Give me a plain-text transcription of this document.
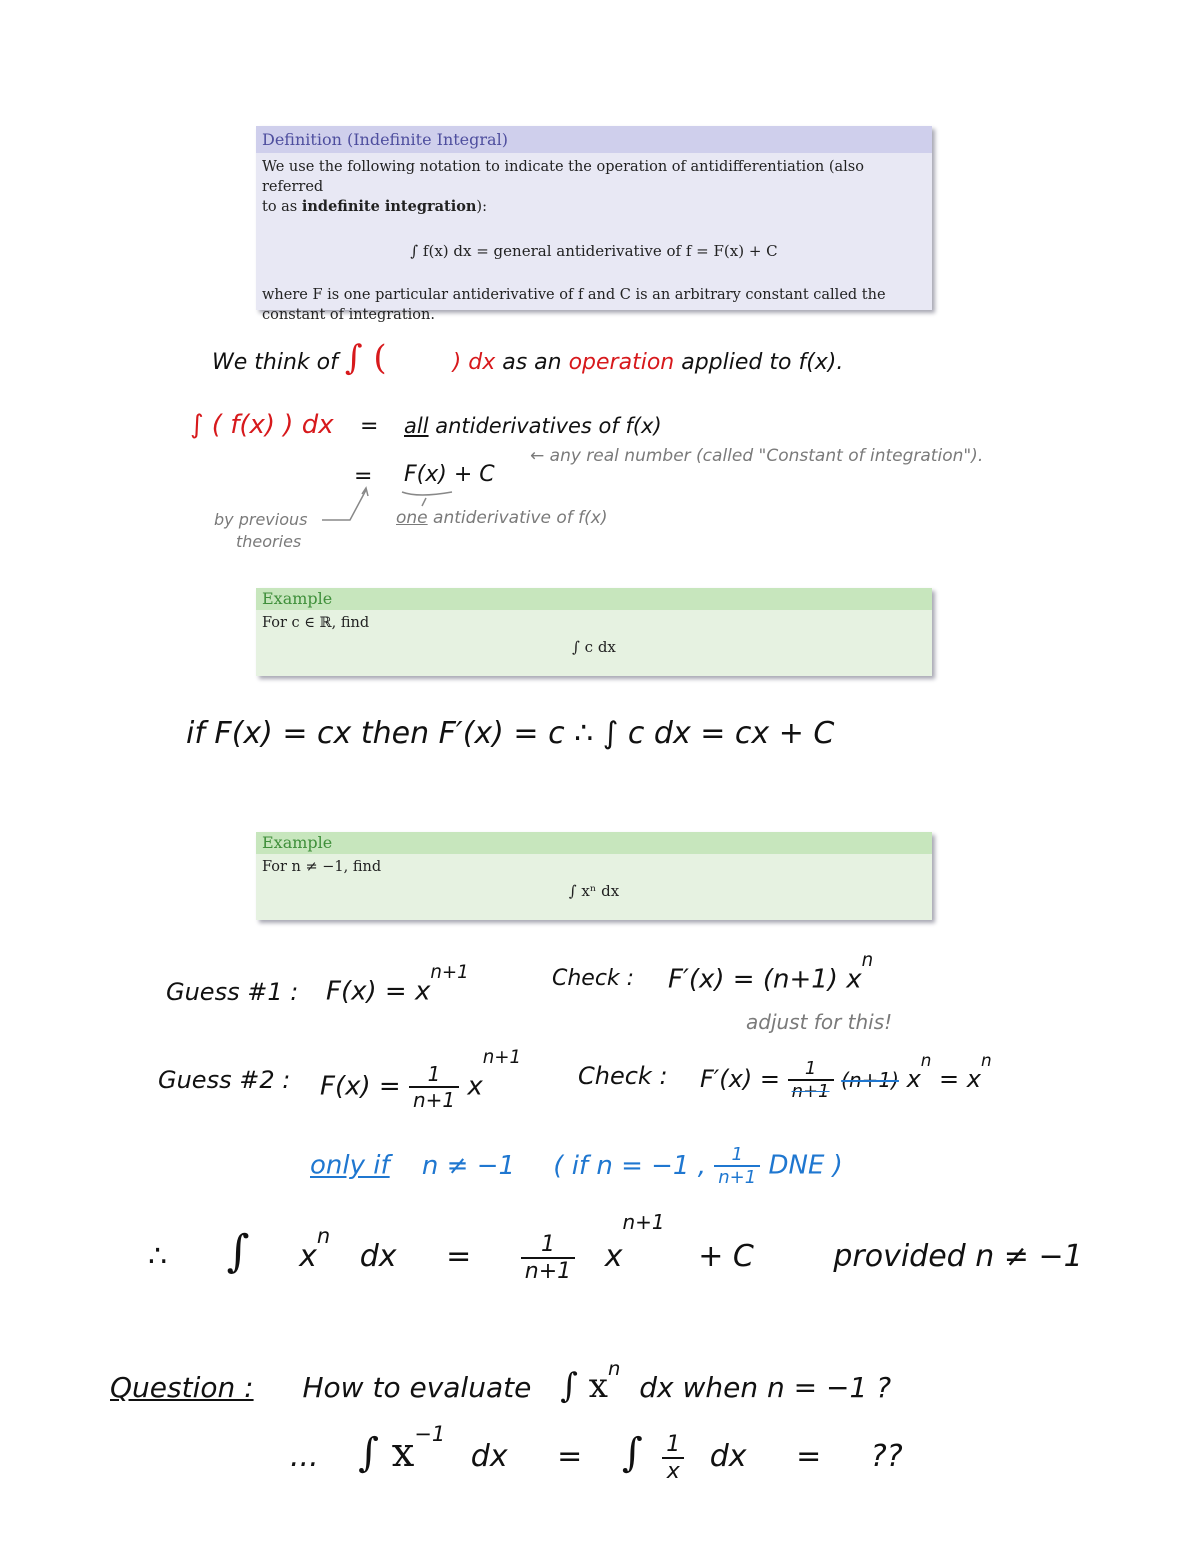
Definition (Indefinite Integral)
We use the following notation to indicate the operation of antidifferentiation (also referred
to as indefinite integration):
∫ f(x) dx = general antiderivative of f = F(x) + C
where F is one particular antiderivative of f and C is an arbitrary constant called the
constant of integration.
We think of ∫ (	) dx as an operation applied to f(x).
∫ ( f(x) ) dx = all antiderivatives of f(x)
= F(x) + C
← any real number (called "Constant of integration").
by previous
theories
one antiderivative of f(x)
Example
For c ∈ ℝ, find
∫ c dx
if F(x) = cx then F′(x) = c ∴ ∫ c dx = cx + C
Example
For n ≠ −1, find
∫ xⁿ dx
Guess #1 : $F(x) = x^{n+1}$	Check : F′(x) = (n+1) $x^n$
adjust for this!
Guess #2 : $F(x) = \frac{1}{n+1} x^{n+1}$
Check : $F'(x) = \frac{1}{n+1} (n+1) x^n = x^n$
only if n ≠ −1 ( if n = −1 , $\frac{1}{n+1}$ DNE )
∴ ∫ $x^n$ dx = $\frac{1}{n+1} x^{n+1} + C$	provided n ≠ −1
Question : How to evaluate ∫ $x^n$ dx when n = −1 ?
... ∫ $x^{-1}$ dx = ∫ $\frac{1}{x}$ dx = ??
